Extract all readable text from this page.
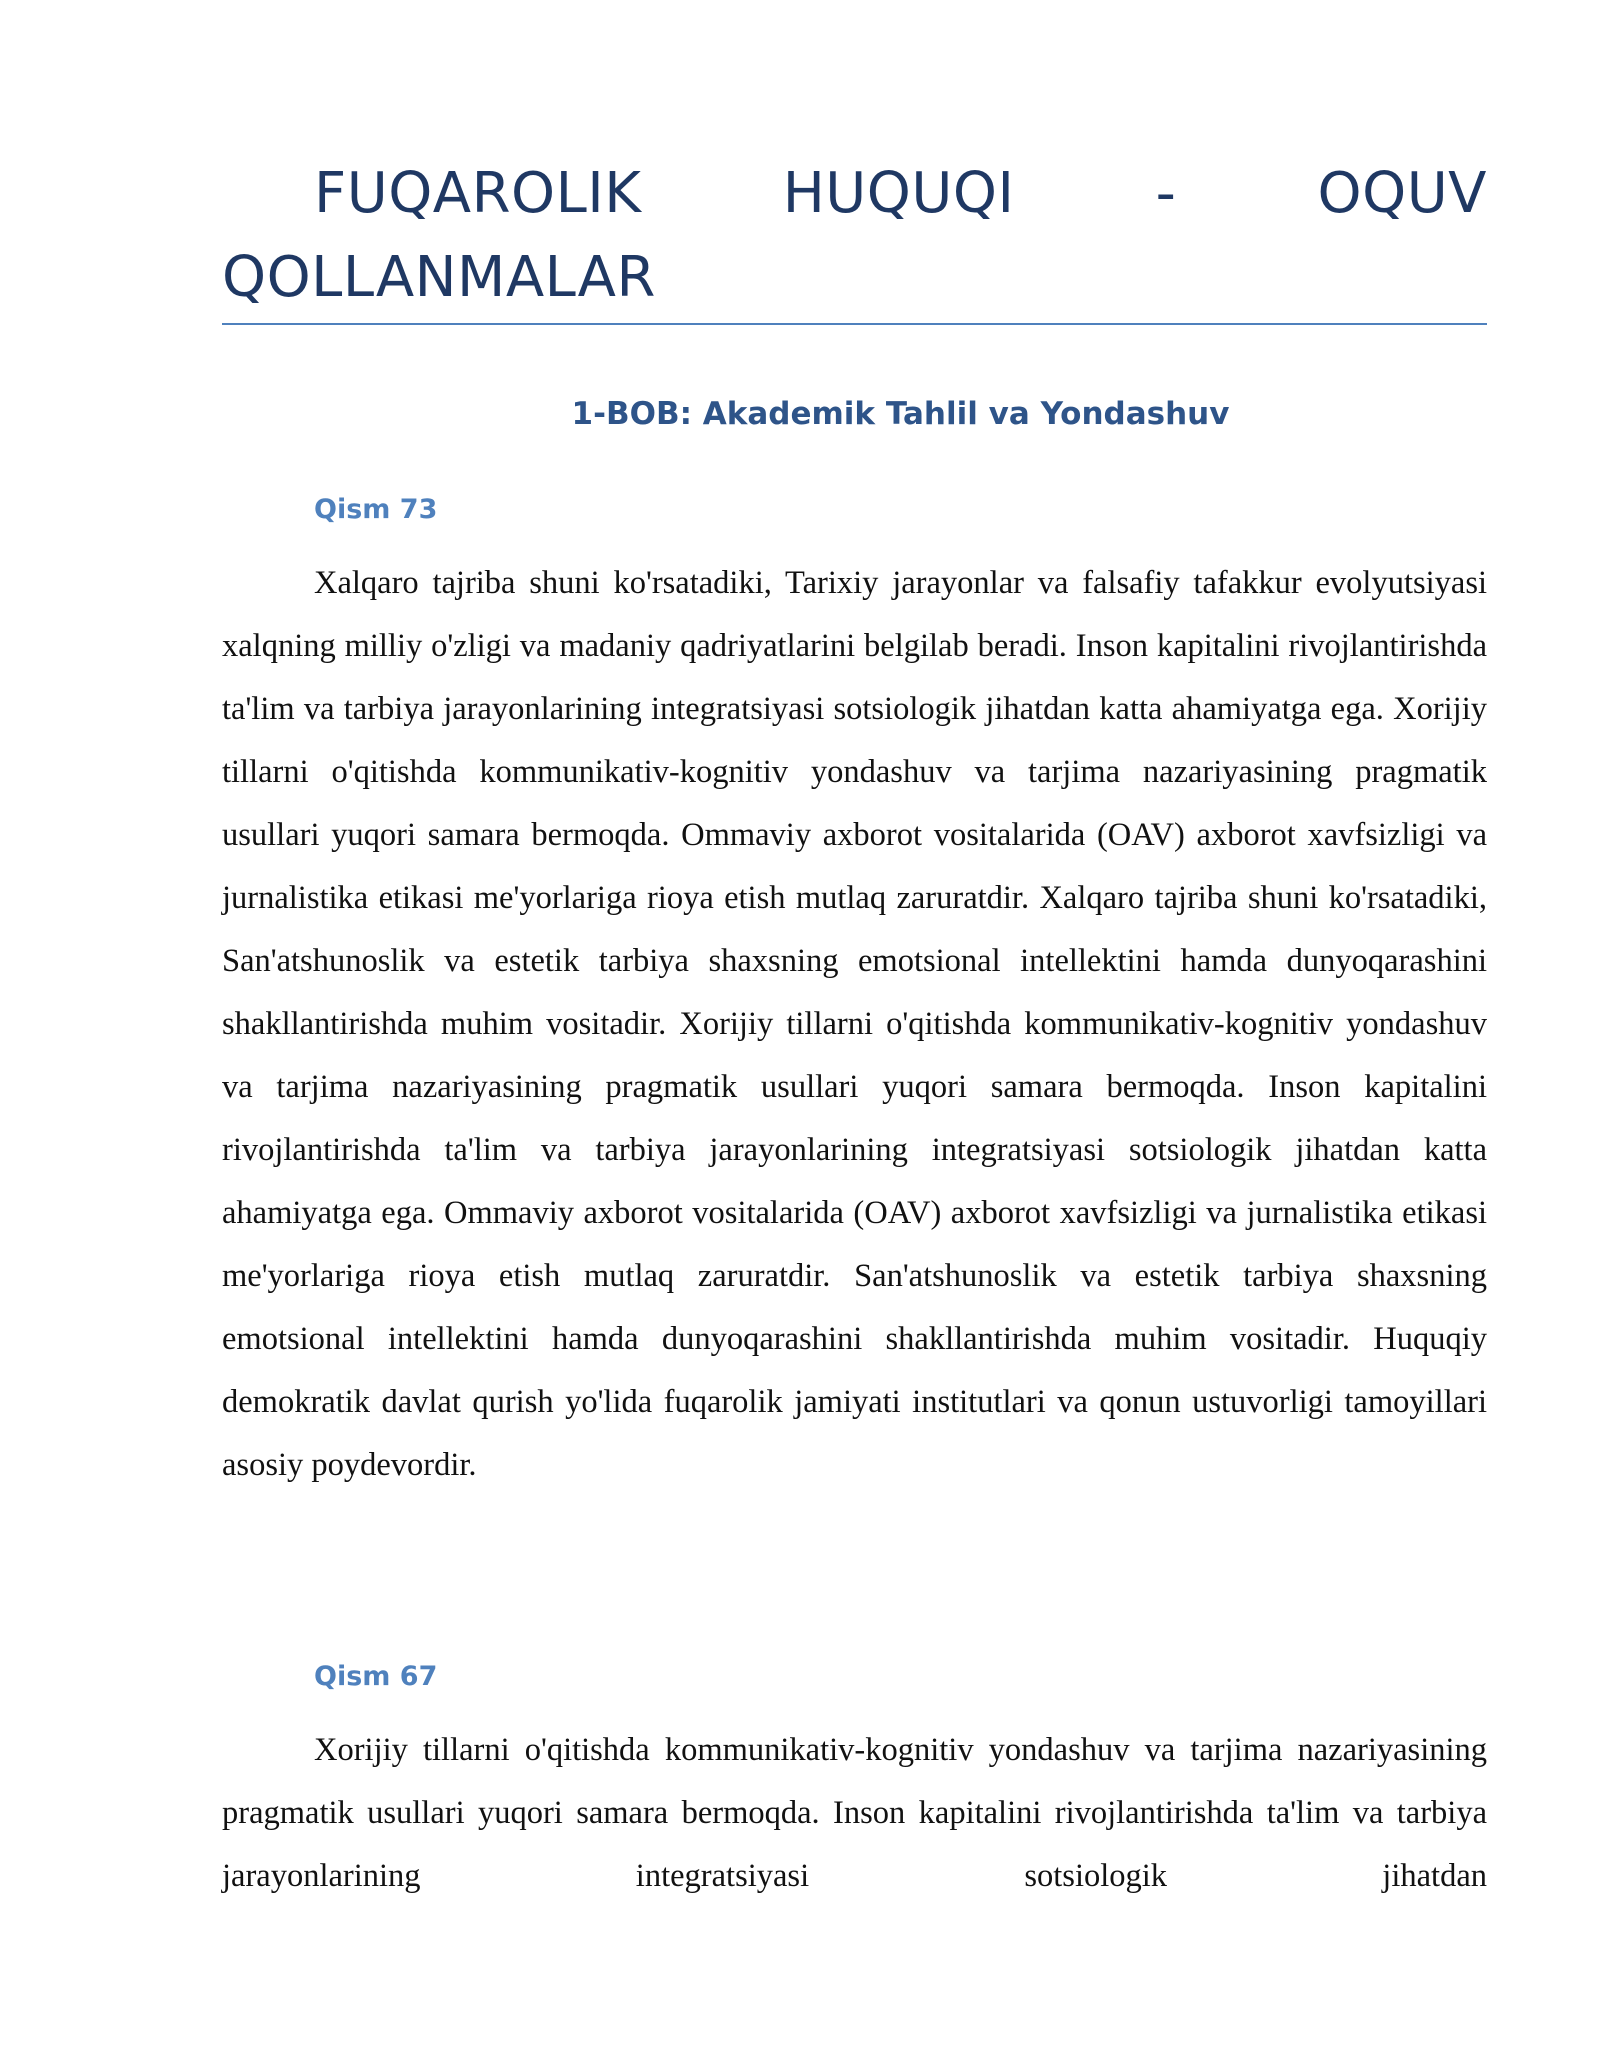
FUQAROLIK HUQUQI - OQUV QOLLANMALAR
1-BOB: Akademik Tahlil va Yondashuv
Qism 73

Xalqaro tajriba shuni ko'rsatadiki, Tarixiy jarayonlar va falsafiy tafakkur evolyutsiyasi xalqning milliy o'zligi va madaniy qadriyatlarini belgilab beradi. Inson kapitalini rivojlantirishda ta'lim va tarbiya jarayonlarining integratsiyasi sotsiologik jihatdan katta ahamiyatga ega. Xorijiy tillarni o'qitishda kommunikativ-kognitiv yondashuv va tarjima nazariyasining pragmatik usullari yuqori samara bermoqda. Ommaviy axborot vositalarida (OAV) axborot xavfsizligi va jurnalistika etikasi me'yorlariga rioya etish mutlaq zaruratdir. Xalqaro tajriba shuni ko'rsatadiki, San'atshunoslik va estetik tarbiya shaxsning emotsional intellektini hamda dunyoqarashini shakllantirishda muhim vositadir. Xorijiy tillarni o'qitishda kommunikativ-kognitiv yondashuv va tarjima nazariyasining pragmatik usullari yuqori samara bermoqda. Inson kapitalini rivojlantirishda ta'lim va tarbiya jarayonlarining integratsiyasi sotsiologik jihatdan katta ahamiyatga ega. Ommaviy axborot vositalarida (OAV) axborot xavfsizligi va jurnalistika etikasi me'yorlariga rioya etish mutlaq zaruratdir. San'atshunoslik va estetik tarbiya shaxsning emotsional intellektini hamda dunyoqarashini shakllantirishda muhim vositadir. Huquqiy demokratik davlat qurish yo'lida fuqarolik jamiyati institutlari va qonun ustuvorligi tamoyillari asosiy poydevordir.

Qism 67

Xorijiy tillarni o'qitishda kommunikativ-kognitiv yondashuv va tarjima nazariyasining pragmatik usullari yuqori samara bermoqda. Inson kapitalini rivojlantirishda ta'lim va tarbiya jarayonlarining integratsiyasi sotsiologik jihatdan
